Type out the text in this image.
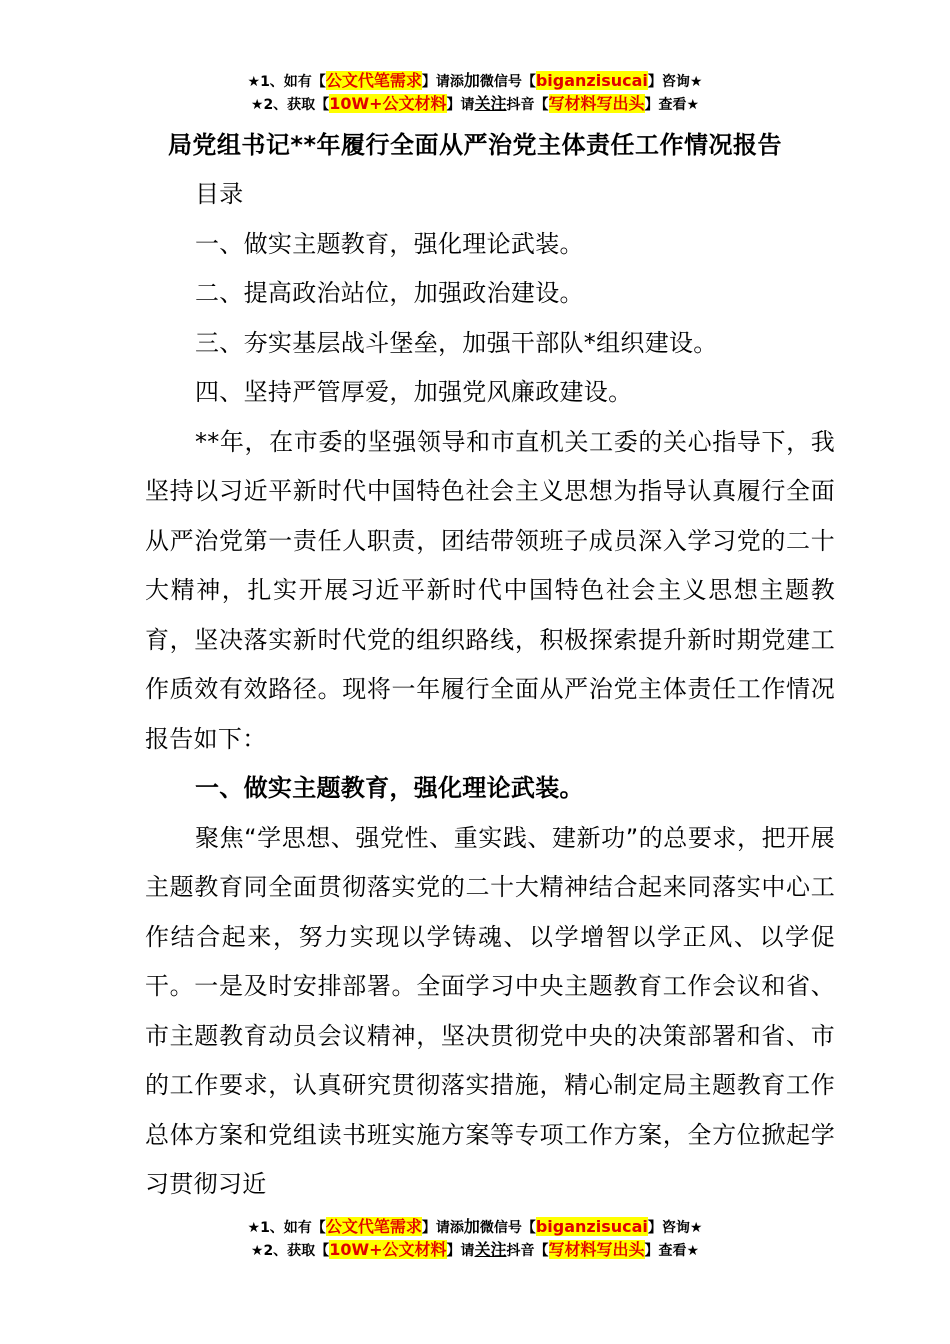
★1、如有【公文代笔需求】请添加微信号【biganzisucai】咨询★
★2、获取【10W+公文材料】请关注抖音【写材料写出头】查看★
局党组书记**年履行全面从严治党主体责任工作情况报告

目录

一、做实主题教育，强化理论武装。

二、提高政治站位，加强政治建设。

三、夯实基层战斗堡垒，加强干部队*组织建设。

四、坚持严管厚爱，加强党风廉政建设。

**年，在市委的坚强领导和市直机关工委的关心指导下，我坚持以习近平新时代中国特色社会主义思想为指导认真履行全面从严治党第一责任人职责，团结带领班子成员深入学习党的二十大精神，扎实开展习近平新时代中国特色社会主义思想主题教育，坚决落实新时代党的组织路线，积极探索提升新时期党建工作质效有效路径。现将一年履行全面从严治党主体责任工作情况报告如下：

一、做实主题教育，强化理论武装。

聚焦“学思想、强党性、重实践、建新功”的总要求，把开展主题教育同全面贯彻落实党的二十大精神结合起来同落实中心工作结合起来，努力实现以学铸魂、以学增智以学正风、以学促干。一是及时安排部署。全面学习中央主题教育工作会议和省、市主题教育动员会议精神，坚决贯彻党中央的决策部署和省、市的工作要求，认真研究贯彻落实措施，精心制定局主题教育工作总体方案和党组读书班实施方案等专项工作方案，全方位掀起学习贯彻习近

★1、如有【公文代笔需求】请添加微信号【biganzisucai】咨询★
★2、获取【10W+公文材料】请关注抖音【写材料写出头】查看★
